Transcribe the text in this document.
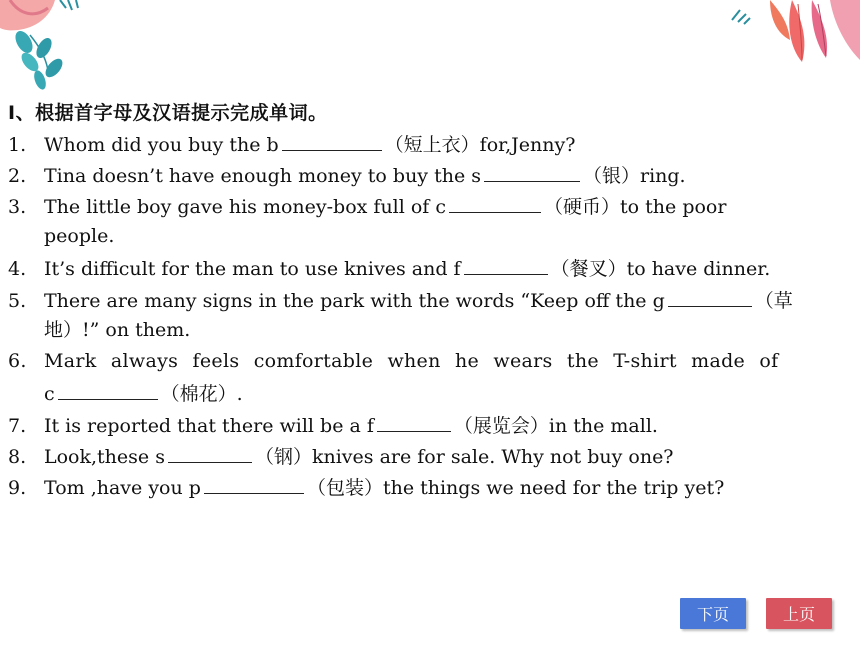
Ⅰ、根据首字母及汉语提示完成单词。
1. Whom did you buy the b	（短上衣）for,Jenny?
2. Tina doesn’t have enough money to buy the s	（银）ring.
3. The little boy gave his money-box full of c	（硬币）to the poor
people.
4. It’s difficult for the man to use knives and f	（餐叉）to have dinner.
5. There are many signs in the park with the words “Keep off the g	（草
地）!” on them.
6. Mark always feels comfortable when he wears the T-shirt made of
c	（棉花）.
7. It is reported that there will be a f	（展览会）in the mall.
8. Look,these s	（钢）knives are for sale. Why not buy one?
9. Tom ,have you p	（包装）the things we need for the trip yet?
下页	上页
